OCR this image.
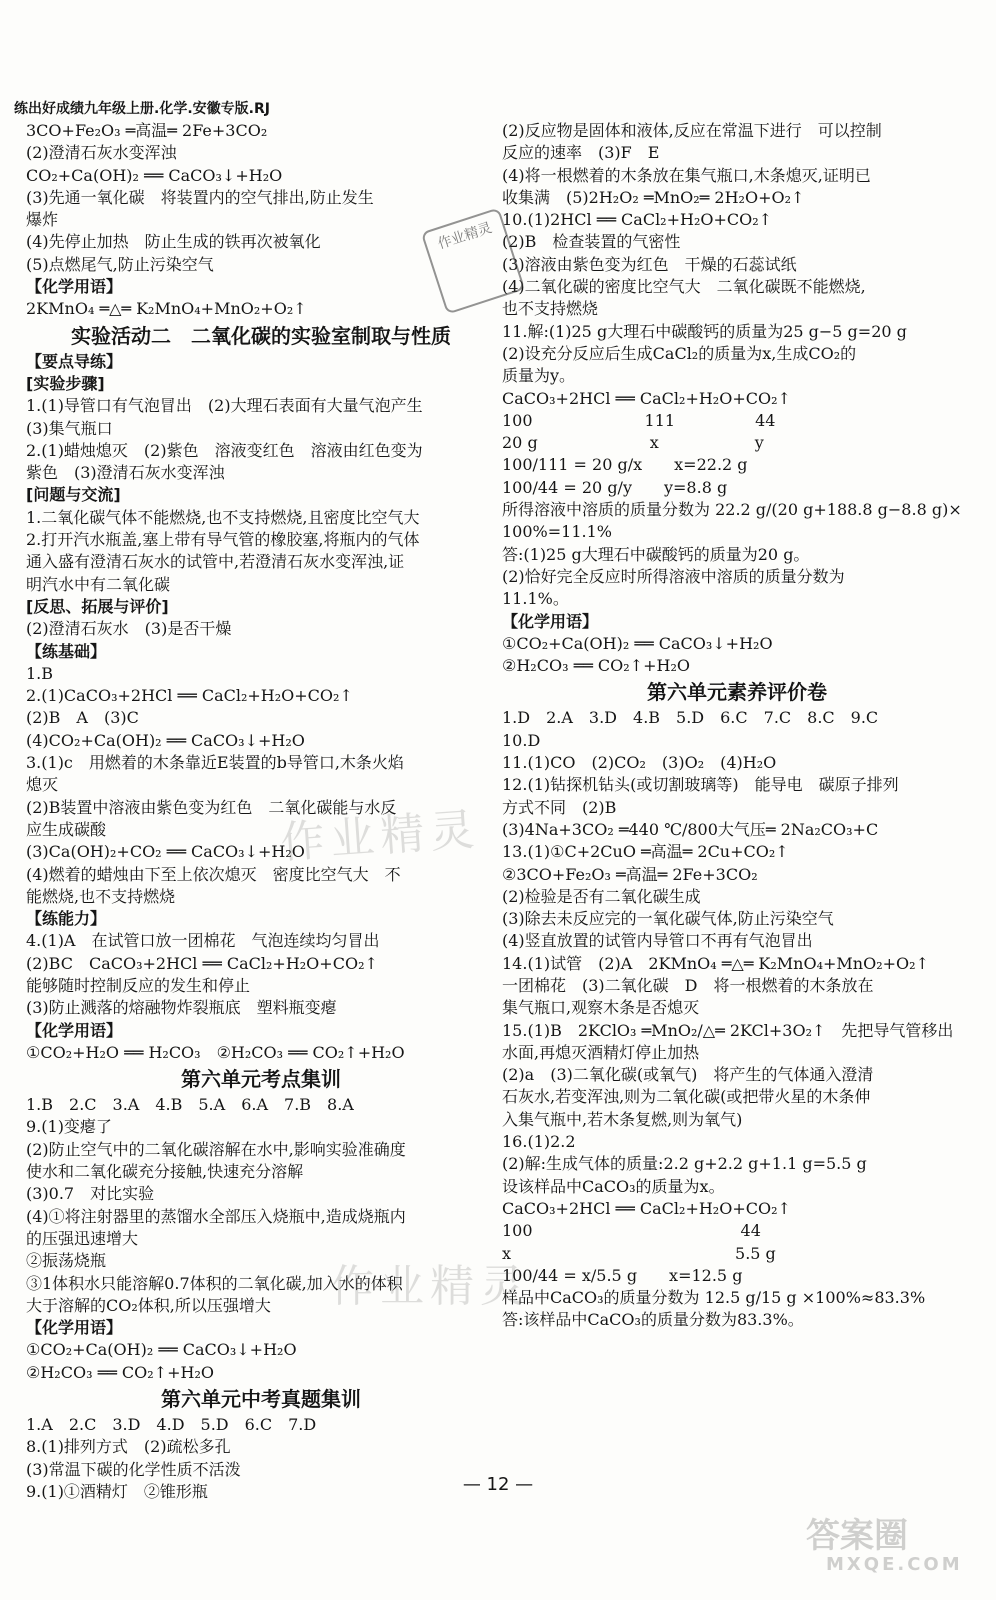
练出好成绩九年级上册.化学.安徽专版.RJ
3CO+Fe₂O₃ ═高温═ 2Fe+3CO₂
(2)澄清石灰水变浑浊
CO₂+Ca(OH)₂ ══ CaCO₃↓+H₂O
(3)先通一氧化碳　将装置内的空气排出,防止发生
爆炸
(4)先停止加热　防止生成的铁再次被氧化
(5)点燃尾气,防止污染空气
【化学用语】
2KMnO₄ ═△═ K₂MnO₄+MnO₂+O₂↑
实验活动二　二氧化碳的实验室制取与性质
【要点导练】
[实验步骤]
1.(1)导管口有气泡冒出　(2)大理石表面有大量气泡产生
(3)集气瓶口
2.(1)蜡烛熄灭　(2)紫色　溶液变红色　溶液由红色变为
紫色　(3)澄清石灰水变浑浊
[问题与交流]
1.二氧化碳气体不能燃烧,也不支持燃烧,且密度比空气大
2.打开汽水瓶盖,塞上带有导气管的橡胶塞,将瓶内的气体
通入盛有澄清石灰水的试管中,若澄清石灰水变浑浊,证
明汽水中有二氧化碳
[反思、拓展与评价]
(2)澄清石灰水　(3)是否干燥
【练基础】
1.B
2.(1)CaCO₃+2HCl ══ CaCl₂+H₂O+CO₂↑
(2)B　A　(3)C
(4)CO₂+Ca(OH)₂ ══ CaCO₃↓+H₂O
3.(1)c　用燃着的木条靠近E装置的b导管口,木条火焰
熄灭
(2)B装置中溶液由紫色变为红色　二氧化碳能与水反
应生成碳酸
(3)Ca(OH)₂+CO₂ ══ CaCO₃↓+H₂O
(4)燃着的蜡烛由下至上依次熄灭　密度比空气大　不
能燃烧,也不支持燃烧
【练能力】
4.(1)A　在试管口放一团棉花　气泡连续均匀冒出
(2)BC　CaCO₃+2HCl ══ CaCl₂+H₂O+CO₂↑
能够随时控制反应的发生和停止
(3)防止溅落的熔融物炸裂瓶底　塑料瓶变瘪
【化学用语】
①CO₂+H₂O ══ H₂CO₃　②H₂CO₃ ══ CO₂↑+H₂O
第六单元考点集训
1.B　2.C　3.A　4.B　5.A　6.A　7.B　8.A
9.(1)变瘪了
(2)防止空气中的二氧化碳溶解在水中,影响实验准确度
使水和二氧化碳充分接触,快速充分溶解
(3)0.7　对比实验
(4)①将注射器里的蒸馏水全部压入烧瓶中,造成烧瓶内
的压强迅速增大
②振荡烧瓶
③1体积水只能溶解0.7体积的二氧化碳,加入水的体积
大于溶解的CO₂体积,所以压强增大
【化学用语】
①CO₂+Ca(OH)₂ ══ CaCO₃↓+H₂O
②H₂CO₃ ══ CO₂↑+H₂O
第六单元中考真题集训
1.A　2.C　3.D　4.D　5.D　6.C　7.D
8.(1)排列方式　(2)疏松多孔
(3)常温下碳的化学性质不活泼
9.(1)①酒精灯　②锥形瓶
(2)反应物是固体和液体,反应在常温下进行　可以控制
反应的速率　(3)F　E
(4)将一根燃着的木条放在集气瓶口,木条熄灭,证明已
收集满　(5)2H₂O₂ ═MnO₂═ 2H₂O+O₂↑
10.(1)2HCl ══ CaCl₂+H₂O+CO₂↑
(2)B　检查装置的气密性
(3)溶液由紫色变为红色　干燥的石蕊试纸
(4)二氧化碳的密度比空气大　二氧化碳既不能燃烧,
也不支持燃烧
11.解:(1)25 g大理石中碳酸钙的质量为25 g−5 g=20 g
(2)设充分反应后生成CaCl₂的质量为x,生成CO₂的
质量为y。
CaCO₃+2HCl ══ CaCl₂+H₂O+CO₂↑
100　　　　　　　111　　　　　44
20 g　　　　　　　x　　　　　　y
100/111 = 20 g/x　　x=22.2 g
100/44 = 20 g/y　　y=8.8 g
所得溶液中溶质的质量分数为 22.2 g/(20 g+188.8 g−8.8 g)×
100%=11.1%
答:(1)25 g大理石中碳酸钙的质量为20 g。
(2)恰好完全反应时所得溶液中溶质的质量分数为
11.1%。
【化学用语】
①CO₂+Ca(OH)₂ ══ CaCO₃↓+H₂O
②H₂CO₃ ══ CO₂↑+H₂O
第六单元素养评价卷
1.D　2.A　3.D　4.B　5.D　6.C　7.C　8.C　9.C
10.D
11.(1)CO　(2)CO₂　(3)O₂　(4)H₂O
12.(1)钻探机钻头(或切割玻璃等)　能导电　碳原子排列
方式不同　(2)B
(3)4Na+3CO₂ ═440 ℃/800大气压═ 2Na₂CO₃+C
13.(1)①C+2CuO ═高温═ 2Cu+CO₂↑
②3CO+Fe₂O₃ ═高温═ 2Fe+3CO₂
(2)检验是否有二氧化碳生成
(3)除去未反应完的一氧化碳气体,防止污染空气
(4)竖直放置的试管内导管口不再有气泡冒出
14.(1)试管　(2)A　2KMnO₄ ═△═ K₂MnO₄+MnO₂+O₂↑
一团棉花　(3)二氧化碳　D　将一根燃着的木条放在
集气瓶口,观察木条是否熄灭
15.(1)B　2KClO₃ ═MnO₂/△═ 2KCl+3O₂↑　先把导气管移出
水面,再熄灭酒精灯停止加热
(2)a　(3)二氧化碳(或氧气)　将产生的气体通入澄清
石灰水,若变浑浊,则为二氧化碳(或把带火星的木条伸
入集气瓶中,若木条复燃,则为氧气)
16.(1)2.2
(2)解:生成气体的质量:2.2 g+2.2 g+1.1 g=5.5 g
设该样品中CaCO₃的质量为x。
CaCO₃+2HCl ══ CaCl₂+H₂O+CO₂↑
100　　　　　　　　　　　　　44
x　　　　　　　　　　　　　　5.5 g
100/44 = x/5.5 g　　x=12.5 g
样品中CaCO₃的质量分数为 12.5 g/15 g ×100%≈83.3%
答:该样品中CaCO₃的质量分数为83.3%。
作业精灵
作业精灵
作业精灵
答案圈
MXQE.COM
— 12 —
